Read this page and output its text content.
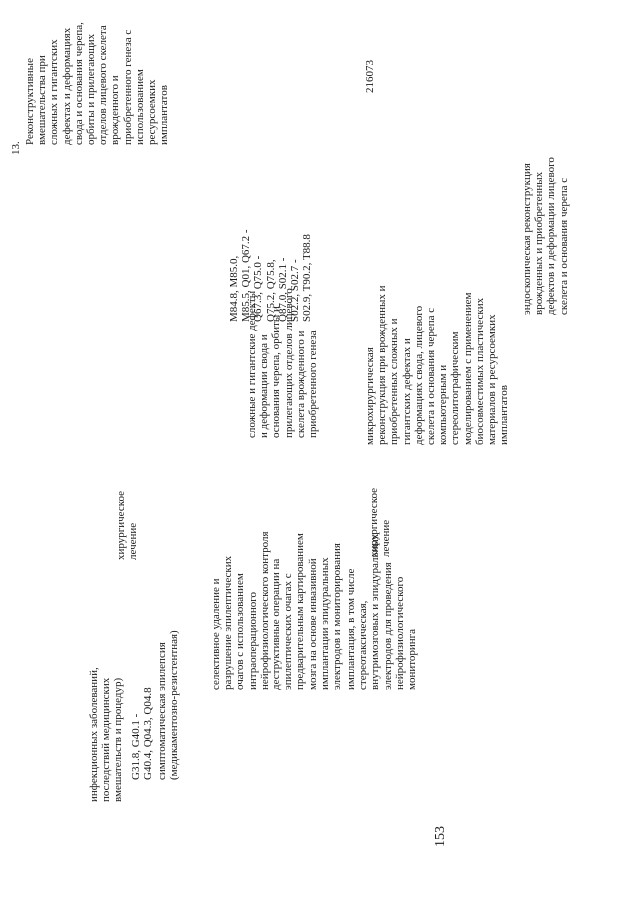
153
инфекционных заболеваний,
последствий медицинских
вмешательств и процедур)
G31.8, G40.1 -
G40.4, Q04.3, Q04.8 симптоматическая эпилепсия
(медикаментозно-резистентная)
хирургическое
лечение
селективное удаление и
разрушение эпилептических
очагов с использованием
интраоперационного
нейрофизиологического контроля
деструктивные операции на
эпилептических очагах с
предварительным картированием
мозга на основе инвазивной
имплантации эпидуральных
электродов и мониторирования
имплантация, в том числе
стереотаксическая,
внутримозговых и эпидуральных
электродов для проведения
нейрофизиологического
мониторинга
216073
13.
Реконструктивные
вмешательства при
сложных и гигантских
дефектах и деформациях
свода и основания черепа,
орбиты и прилегающих
отделов лицевого скелета
врожденного и
приобретенного генеза с
использованием
ресурсоемких
имплантатов
M84.8, M85.0,
M85.5, Q01, Q67.2 -
Q67.3, Q75.0 -
Q75.2, Q75.8,
Q87.0, S02.1 -
S02.2, S02.7 -
S02.9, T90.2, T88.8
сложные и гигантские дефекты
и деформации свода и
основания черепа, орбиты и
прилегающих отделов лицевого
скелета врожденного и
приобретенного генеза
хирургическое
лечение
микрохирургическая
реконструкция при врожденных и
приобретенных сложных и
гигантских дефектах и
деформациях свода, лицевого
скелета и основания черепа с
компьютерным и
стереолитографическим
моделированием с применением
биосовместимых пластических
материалов и ресурсоемких
имплантатов
эндоскопическая реконструкция
врожденных и приобретенных
дефектов и деформации лицевого
скелета и основания черепа с
